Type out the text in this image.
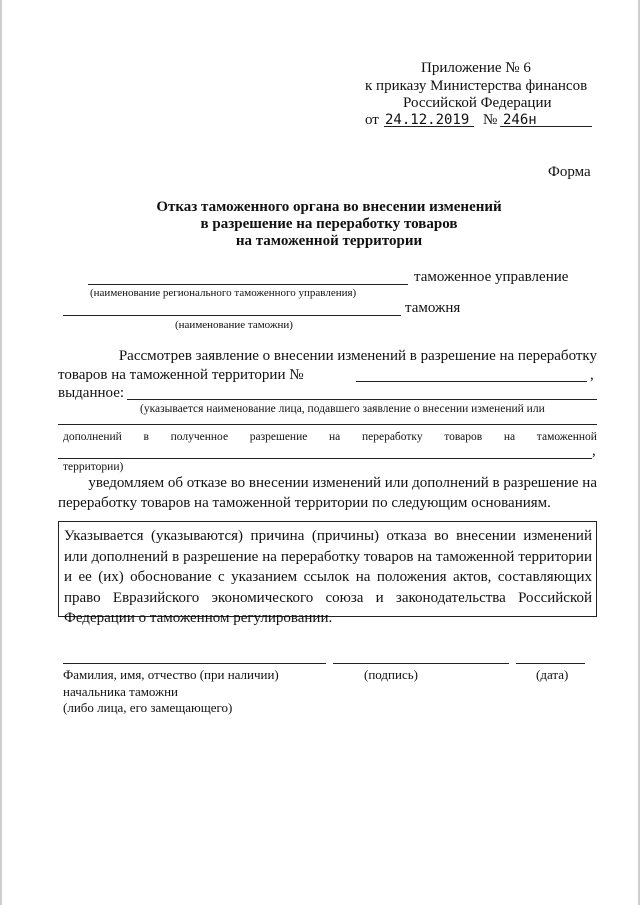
Приложение № 6
к приказу Министерства финансов
Российской Федерации
от 24.12.2019 № 246н
Форма
Отказ таможенного органа во внесении изменений
в разрешение на переработку товаров
на таможенной территории
таможенное управление
(наименование регионального таможенного управления)
таможня
(наименование таможни)
Рассмотрев заявление о внесении изменений в разрешение на переработку
товаров на таможенной территории №	,
выданное:
(указывается наименование лица, подавшего заявление о внесении изменений или
дополнений в полученное разрешение на переработку товаров на таможенной
,
территории)
уведомляем об отказе во внесении изменений или дополнений в разрешение на
переработку товаров на таможенной территории по следующим основаниям.
Указывается (указываются) причина (причины) отказа во внесении изменений или дополнений в разрешение на переработку товаров на таможенной территории и ее (их) обоснование с указанием ссылок на положения актов, составляющих право Евразийского экономического союза и законодательства Российской Федерации о таможенном регулировании.
Фамилия, имя, отчество (при наличии)
начальника таможни
(либо лица, его замещающего)
(подпись)	(дата)
